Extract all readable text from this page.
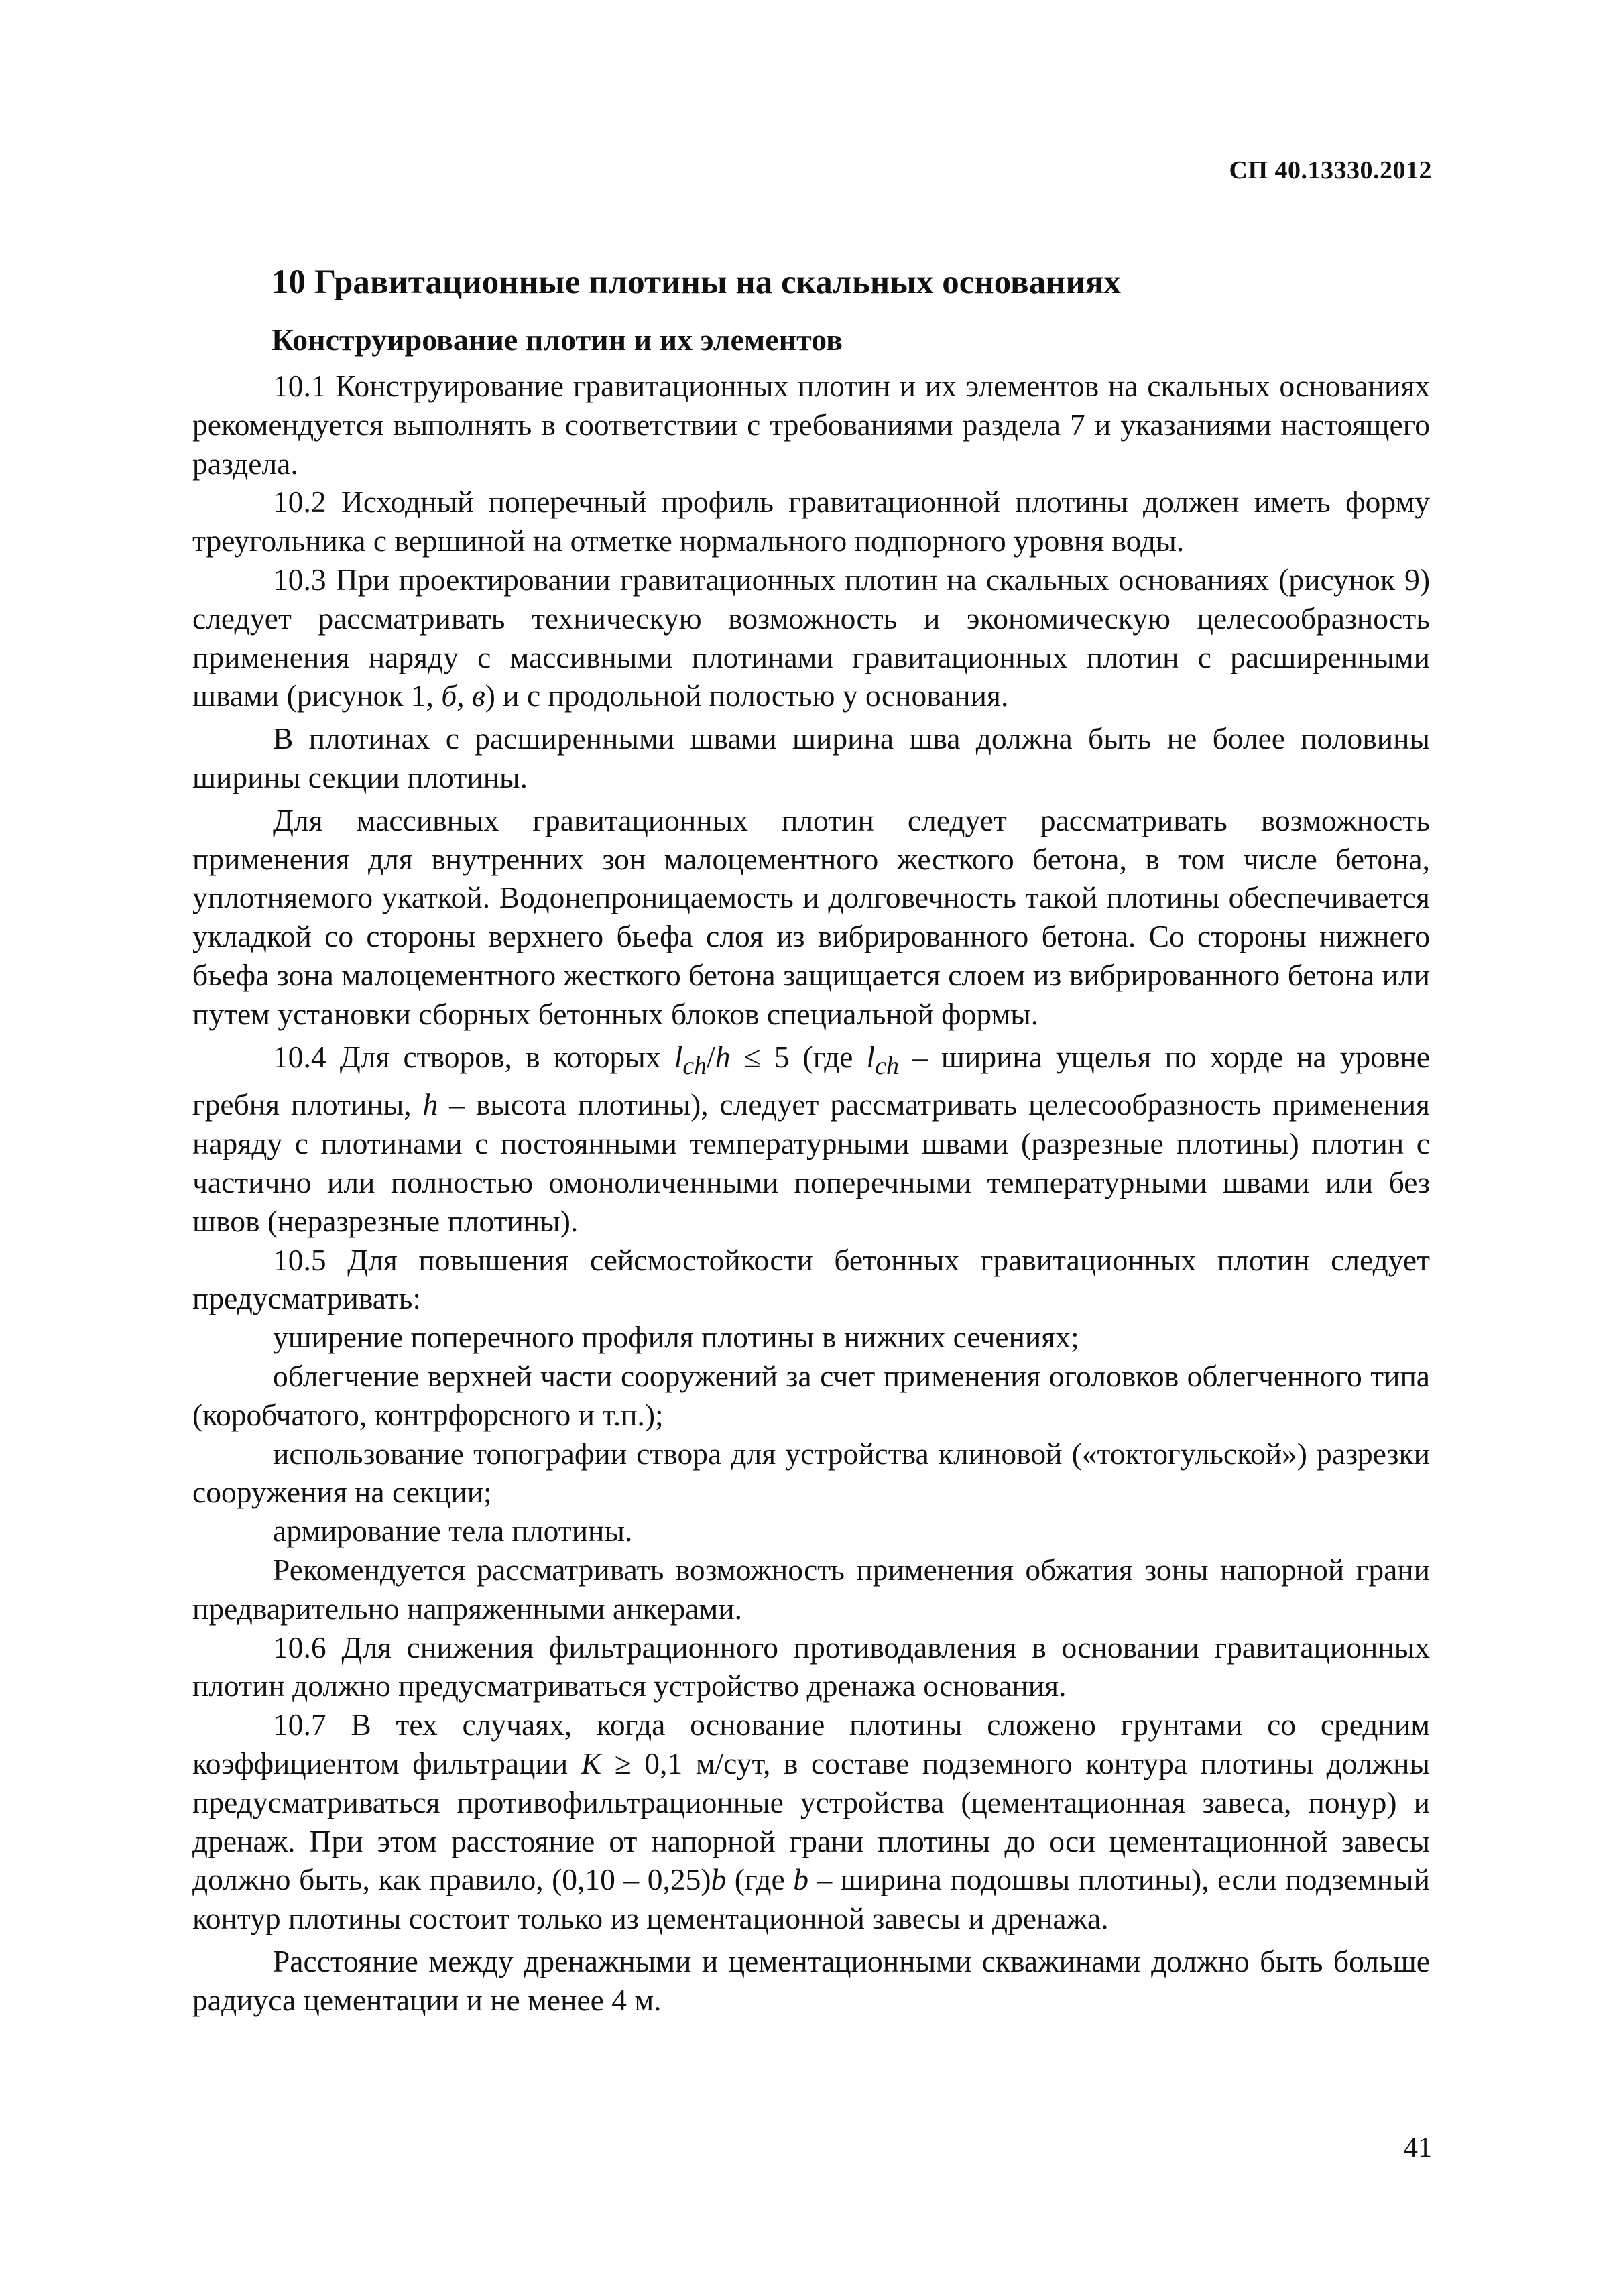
СП 40.13330.2012
10 Гравитационные плотины на скальных основаниях
Конструирование плотин и их элементов

10.1 Конструирование гравитационных плотин и их элементов на скальных основаниях рекомендуется выполнять в соответствии с требованиями раздела 7 и указаниями настоящего раздела.

10.2 Исходный поперечный профиль гравитационной плотины должен иметь форму треугольника с вершиной на отметке нормального подпорного уровня воды.

10.3 При проектировании гравитационных плотин на скальных основаниях (рисунок 9) следует рассматривать техническую возможность и экономическую целесообразность применения наряду с массивными плотинами гравитационных плотин с расширенными швами (рисунок 1, б, в) и с продольной полостью у основания.

В плотинах с расширенными швами ширина шва должна быть не более половины ширины секции плотины.

Для массивных гравитационных плотин следует рассматривать возможность применения для внутренних зон малоцементного жесткого бетона, в том числе бетона, уплотняемого укаткой. Водонепроницаемость и долговечность такой плотины обеспечивается укладкой со стороны верхнего бьефа слоя из вибрированного бетона. Со стороны нижнего бьефа зона малоцементного жесткого бетона защищается слоем из вибрированного бетона или путем установки сборных бетонных блоков специальной формы.

10.4 Для створов, в которых $l_{ch}/h \le 5$ (где $l_{ch}$ – ширина ущелья по хорде на уровне гребня плотины, h – высота плотины), следует рассматривать целесообразность применения наряду с плотинами с постоянными температурными швами (разрезные плотины) плотин с частично или полностью омоноличенными поперечными температурными швами или без швов (неразрезные плотины).

10.5 Для повышения сейсмостойкости бетонных гравитационных плотин следует предусматривать:

уширение поперечного профиля плотины в нижних сечениях;

облегчение верхней части сооружений за счет применения оголовков облегченного типа (коробчатого, контрфорсного и т.п.);

использование топографии створа для устройства клиновой («токтогульской») разрезки сооружения на секции;

армирование тела плотины.

Рекомендуется рассматривать возможность применения обжатия зоны напорной грани предварительно напряженными анкерами.

10.6 Для снижения фильтрационного противодавления в основании гравитационных плотин должно предусматриваться устройство дренажа основания.

10.7 В тех случаях, когда основание плотины сложено грунтами со средним коэффициентом фильтрации K ≥ 0,1 м/сут, в составе подземного контура плотины должны предусматриваться противофильтрационные устройства (цементационная завеса, понур) и дренаж. При этом расстояние от напорной грани плотины до оси цементационной завесы должно быть, как правило, (0,10 – 0,25)b (где b – ширина подошвы плотины), если подземный контур плотины состоит только из цементационной завесы и дренажа.

Расстояние между дренажными и цементационными скважинами должно быть больше радиуса цементации и не менее 4 м.

41
